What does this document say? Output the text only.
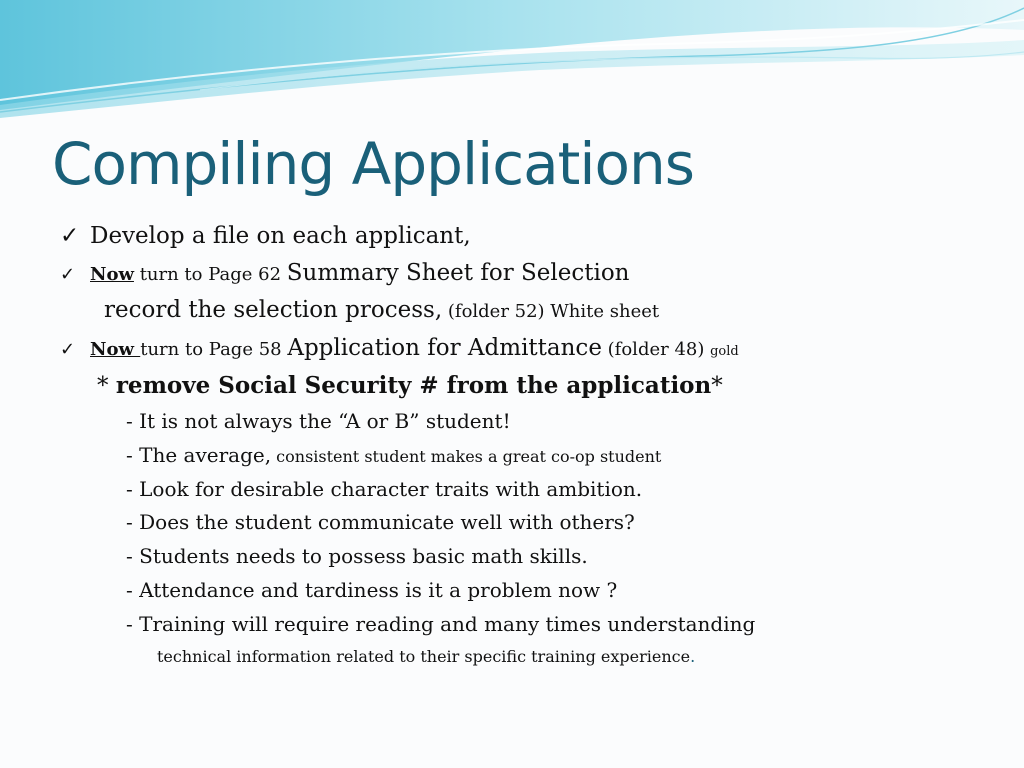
Compiling Applications
✓ Develop a file on each applicant,
✓ Now turn to Page 62 Summary Sheet for Selection
record the selection process, (folder 52) White sheet
✓ Now turn to Page 58 Application for Admittance (folder 48) gold
* remove Social Security # from the application*
- It is not always the “A or B” student!
- The average, consistent student makes a great co-op student
- Look for desirable character traits with ambition.
- Does the student communicate well with others?
- Students needs to possess basic math skills.
- Attendance and tardiness is it a problem now ?
- Training will require reading and many times understanding
technical information related to their specific training experience.
